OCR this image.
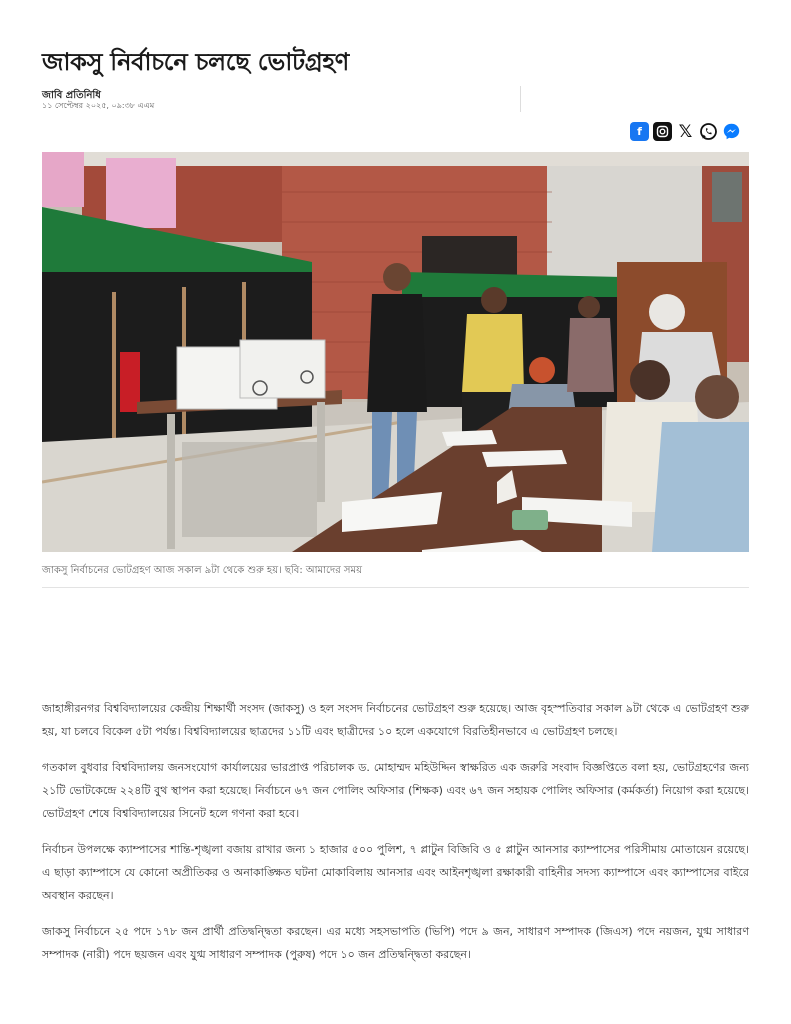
জাকসু নির্বাচনে চলছে ভোটগ্রহণ
জাবি প্রতিনিধি
১১ সেপ্টেম্বর ২০২৫, ০৯:৩৮ এএম
f	𝕏
জাকসু নির্বাচনের ভোটগ্রহণ আজ সকাল ৯টা থেকে শুরু হয়। ছবি: আমাদের সময়

জাহাঙ্গীরনগর বিশ্ববিদ্যালয়ের কেন্দ্রীয় শিক্ষার্থী সংসদ (জাকসু) ও হল সংসদ নির্বাচনের ভোটগ্রহণ শুরু হয়েছে। আজ বৃহস্পতিবার সকাল ৯টা থেকে এ ভোটগ্রহণ শুরু হয়, যা চলবে বিকেল ৫টা পর্যন্ত। বিশ্ববিদ্যালয়ের ছাত্রদের ১১টি এবং ছাত্রীদের ১০ হলে একযোগে বিরতিহীনভাবে এ ভোটগ্রহণ চলছে।

গতকাল বুধবার বিশ্ববিদ্যালয় জনসংযোগ কার্যালয়ের ভারপ্রাপ্ত পরিচালক ড. মোহাম্মদ মহিউদ্দিন স্বাক্ষরিত এক জরুরি সংবাদ বিজ্ঞপ্তিতে বলা হয়, ভোটগ্রহণের জন্য ২১টি ভোটকেন্দ্রে ২২৪টি বুথ স্থাপন করা হয়েছে। নির্বাচনে ৬৭ জন পোলিং অফিসার (শিক্ষক) এবং ৬৭ জন সহায়ক পোলিং অফিসার (কর্মকর্তা) নিয়োগ করা হয়েছে। ভোটগ্রহণ শেষে বিশ্ববিদ্যালয়ের সিনেট হলে গণনা করা হবে।

নির্বাচন উপলক্ষে ক্যাম্পাসের শান্তি-শৃঙ্খলা বজায় রাখার জন্য ১ হাজার ৫০০ পুলিশ, ৭ প্লাটুন বিজিবি ও ৫ প্লাটুন আনসার ক্যাম্পাসের পরিসীমায় মোতায়েন রয়েছে। এ ছাড়া ক্যাম্পাসে যে কোনো অপ্রীতিকর ও অনাকাঙ্ক্ষিত ঘটনা মোকাবিলায় আনসার এবং আইনশৃঙ্খলা রক্ষাকারী বাহিনীর সদস্য ক্যাম্পাসে এবং ক্যাম্পাসের বাইরে অবস্থান করছেন।

জাকসু নির্বাচনে ২৫ পদে ১৭৮ জন প্রার্থী প্রতিদ্বন্দ্বিতা করছেন। এর মধ্যে সহসভাপতি (ভিপি) পদে ৯ জন, সাধারণ সম্পাদক (জিএস) পদে নয়জন, যুগ্ম সাধারণ সম্পাদক (নারী) পদে ছয়জন এবং যুগ্ম সাধারণ সম্পাদক (পুরুষ) পদে ১০ জন প্রতিদ্বন্দ্বিতা করছেন।
